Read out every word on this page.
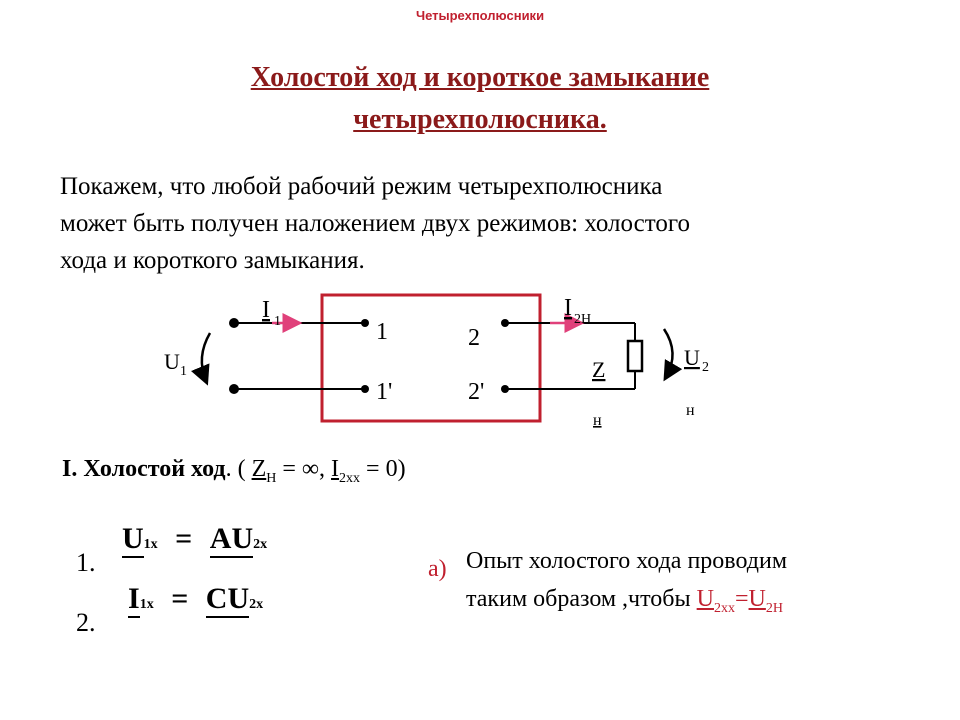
Четырехполюсники
Холостой ход и короткое замыкание
четырехполюсника.
Покажем, что любой рабочий режим четырехполюсника
может быть получен наложением двух режимов: холостого
хода и короткого замыкания.
I 1
U 1
1
1'
2
2'
I 2Н
Z
н
U 2
н
I. Холостой ход. ( $Z_Н$ = ∞, $I_{2хх} = 0$)
1.
U1х = AU2х
2.
I1х = CU2х
а) Опыт холостого хода проводим
таким образом ,чтобы $U_{2хх}=U_{2Н}$
